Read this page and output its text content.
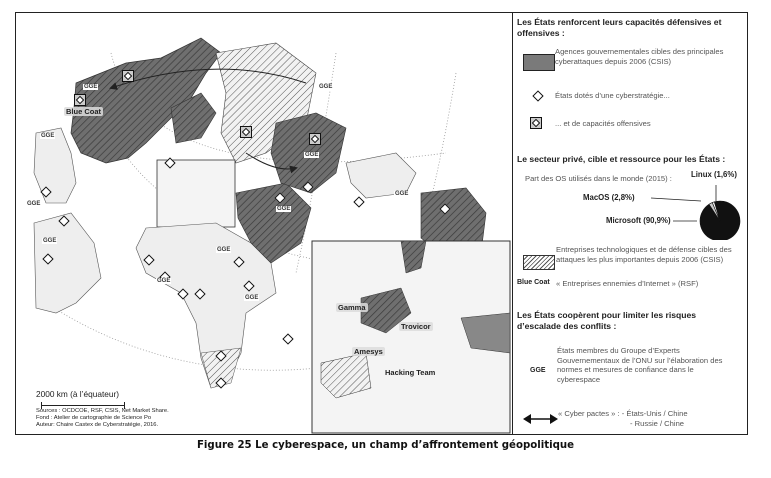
Blue Coat
Gamma
Trovicor
Amesys
Hacking Team
GGE
GGE
GGE
GGE
GGE
GGE
GGE
GGE
GGE
GGE
GGE
2000 km (à l’équateur)
Sources : OCDCOE, RSF, CSIS, Net Market Share.
Fond : Atelier de cartographie de Science Po
Auteur: Chaire Castex de Cyberstratégie, 2016.
Les États renforcent leurs capacités défensives et offensives :
Agences gouvernementales cibles des principales cyberattaques depuis 2006 (CSIS)
États dotés d’une cyberstratégie...
... et de capacités offensives
Le secteur privé, cible et ressource pour les États :
Part des OS utilisés dans le monde (2015) : Linux (1,6%)
MacOS (2,8%)
Microsoft (90,9%)
Entreprises technologiques et de défense cibles des attaques les plus importantes depuis 2006 (CSIS)
Blue Coat « Entreprises ennemies d’Internet » (RSF)
Les États coopèrent pour limiter les risques d’escalade des conflits :
GGE
États membres du Groupe d’Experts Gouvernementaux de l’ONU sur l’élaboration des normes et mesures de confiance dans le cyberespace
« Cyber pactes » : - États-Unis / Chine
- Russie / Chine
Figure 25 Le cyberespace, un champ d’affrontement géopolitique
